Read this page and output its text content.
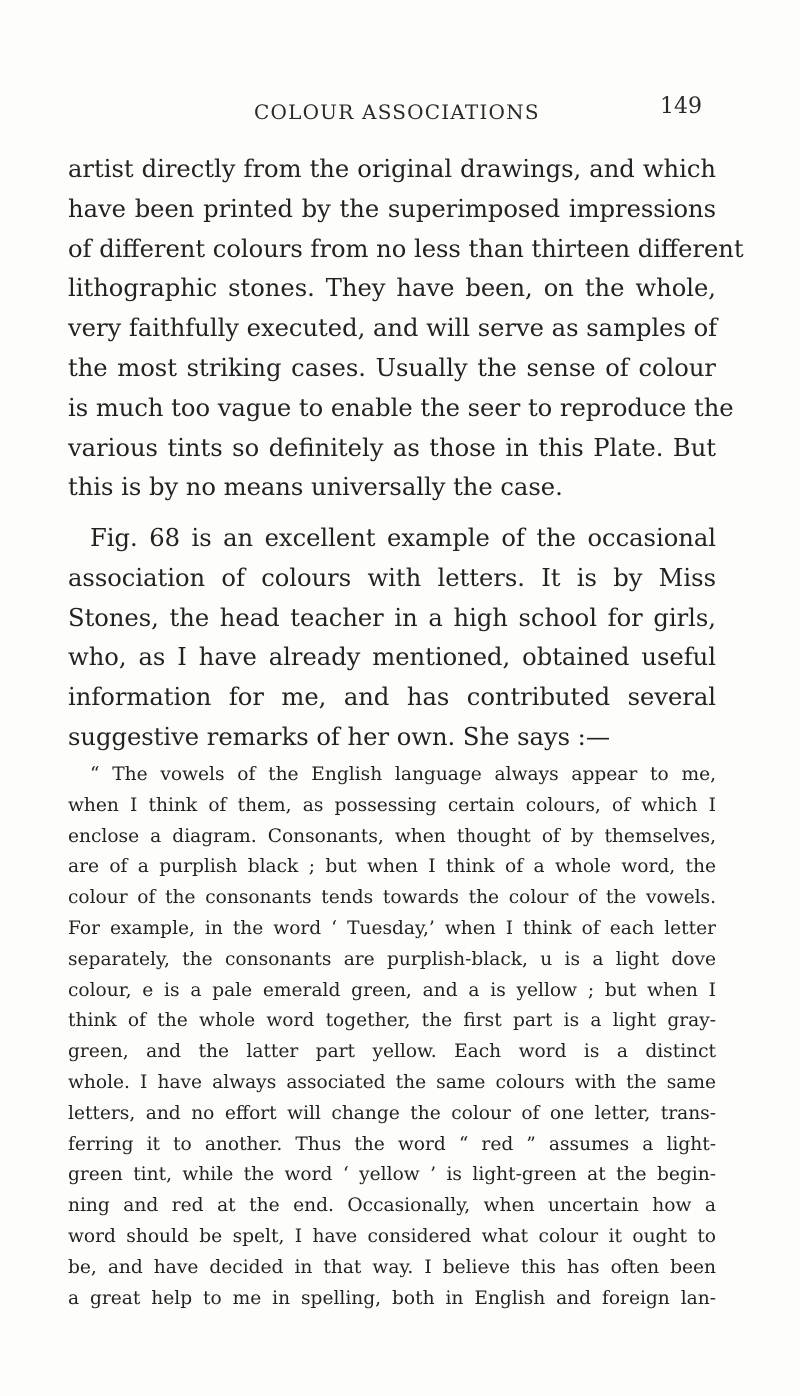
COLOUR ASSOCIATIONS	149
artist directly from the original drawings, and which
have been printed by the superimposed impressions
of different colours from no less than thirteen different
lithographic stones. They have been, on the whole,
very faithfully executed, and will serve as samples of
the most striking cases. Usually the sense of colour
is much too vague to enable the seer to reproduce the
various tints so definitely as those in this Plate. But
this is by no means universally the case.
Fig. 68 is an excellent example of the occasional
association of colours with letters. It is by Miss
Stones, the head teacher in a high school for girls,
who, as I have already mentioned, obtained useful
information for me, and has contributed several
suggestive remarks of her own. She says :—
“ The vowels of the English language always appear to me,
when I think of them, as possessing certain colours, of which I
enclose a diagram. Consonants, when thought of by themselves,
are of a purplish black ; but when I think of a whole word, the
colour of the consonants tends towards the colour of the vowels.
For example, in the word ‘ Tuesday,’ when I think of each letter
separately, the consonants are purplish-black, u is a light dove
colour, e is a pale emerald green, and a is yellow ; but when I
think of the whole word together, the first part is a light gray-
green, and the latter part yellow. Each word is a distinct
whole. I have always associated the same colours with the same
letters, and no effort will change the colour of one letter, trans-
ferring it to another. Thus the word “ red ” assumes a light-
green tint, while the word ‘ yellow ’ is light-green at the begin-
ning and red at the end. Occasionally, when uncertain how a
word should be spelt, I have considered what colour it ought to
be, and have decided in that way. I believe this has often been
a great help to me in spelling, both in English and foreign lan-
